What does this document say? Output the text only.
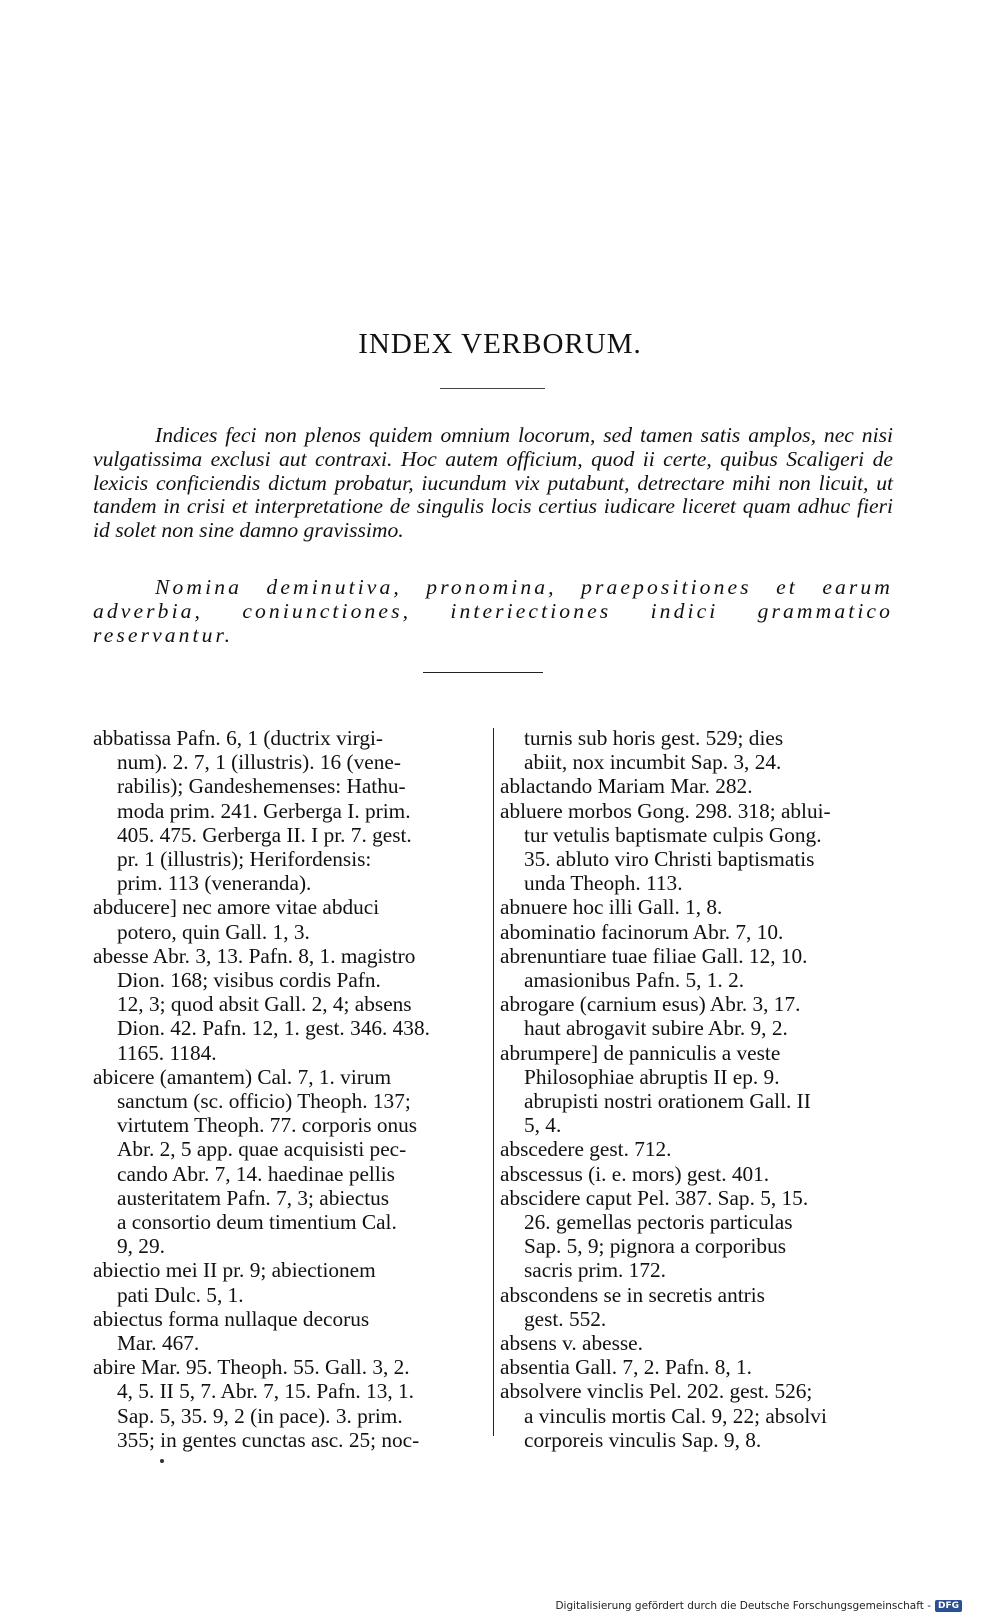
INDEX VERBORUM.

Indices feci non plenos quidem omnium locorum, sed tamen satis amplos, nec nisi vulgatissima exclusi aut contraxi. Hoc autem officium, quod ii certe, quibus Scaligeri de lexicis conficiendis dictum probatur, iucundum vix putabunt, detrectare mihi non licuit, ut tandem in crisi et interpretatione de singulis locis certius iudicare liceret quam adhuc fieri id solet non sine damno gravissimo.

Nomina deminutiva, pronomina, praepositiones et earum adverbia, coniunctiones, interiectiones indici grammatico reservantur.

abbatissa Pafn. 6, 1 (ductrix virgi-
num). 2. 7, 1 (illustris). 16 (vene-
rabilis); Gandeshemenses: Hathu-
moda prim. 241. Gerberga I. prim.
405. 475. Gerberga II. I pr. 7. gest.
pr. 1 (illustris); Herifordensis:
prim. 113 (veneranda).
abducere] nec amore vitae abduci
potero, quin Gall. 1, 3.
abesse Abr. 3, 13. Pafn. 8, 1. magistro
Dion. 168; visibus cordis Pafn.
12, 3; quod absit Gall. 2, 4; absens
Dion. 42. Pafn. 12, 1. gest. 346. 438.
1165. 1184.
abicere (amantem) Cal. 7, 1. virum
sanctum (sc. officio) Theoph. 137;
virtutem Theoph. 77. corporis onus
Abr. 2, 5 app. quae acquisisti pec-
cando Abr. 7, 14. haedinae pellis
austeritatem Pafn. 7, 3; abiectus
a consortio deum timentium Cal.
9, 29.
abiectio mei II pr. 9; abiectionem
pati Dulc. 5, 1.
abiectus forma nullaque decorus
Mar. 467.
abire Mar. 95. Theoph. 55. Gall. 3, 2.
4, 5. II 5, 7. Abr. 7, 15. Pafn. 13, 1.
Sap. 5, 35. 9, 2 (in pace). 3. prim.
355; in gentes cunctas asc. 25; noc-
turnis sub horis gest. 529; dies
abiit, nox incumbit Sap. 3, 24.
ablactando Mariam Mar. 282.
abluere morbos Gong. 298. 318; ablui-
tur vetulis baptismate culpis Gong.
35. abluto viro Christi baptismatis
unda Theoph. 113.
abnuere hoc illi Gall. 1, 8.
abominatio facinorum Abr. 7, 10.
abrenuntiare tuae filiae Gall. 12, 10.
amasionibus Pafn. 5, 1. 2.
abrogare (carnium esus) Abr. 3, 17.
haut abrogavit subire Abr. 9, 2.
abrumpere] de panniculis a veste
Philosophiae abruptis II ep. 9.
abrupisti nostri orationem Gall. II
5, 4.
abscedere gest. 712.
abscessus (i. e. mors) gest. 401.
abscidere caput Pel. 387. Sap. 5, 15.
26. gemellas pectoris particulas
Sap. 5, 9; pignora a corporibus
sacris prim. 172.
abscondens se in secretis antris
gest. 552.
absens v. abesse.
absentia Gall. 7, 2. Pafn. 8, 1.
absolvere vinclis Pel. 202. gest. 526;
a vinculis mortis Cal. 9, 22; absolvi
corporeis vinculis Sap. 9, 8.
Digitalisierung gefördert durch die Deutsche Forschungsgemeinschaft - DFG
